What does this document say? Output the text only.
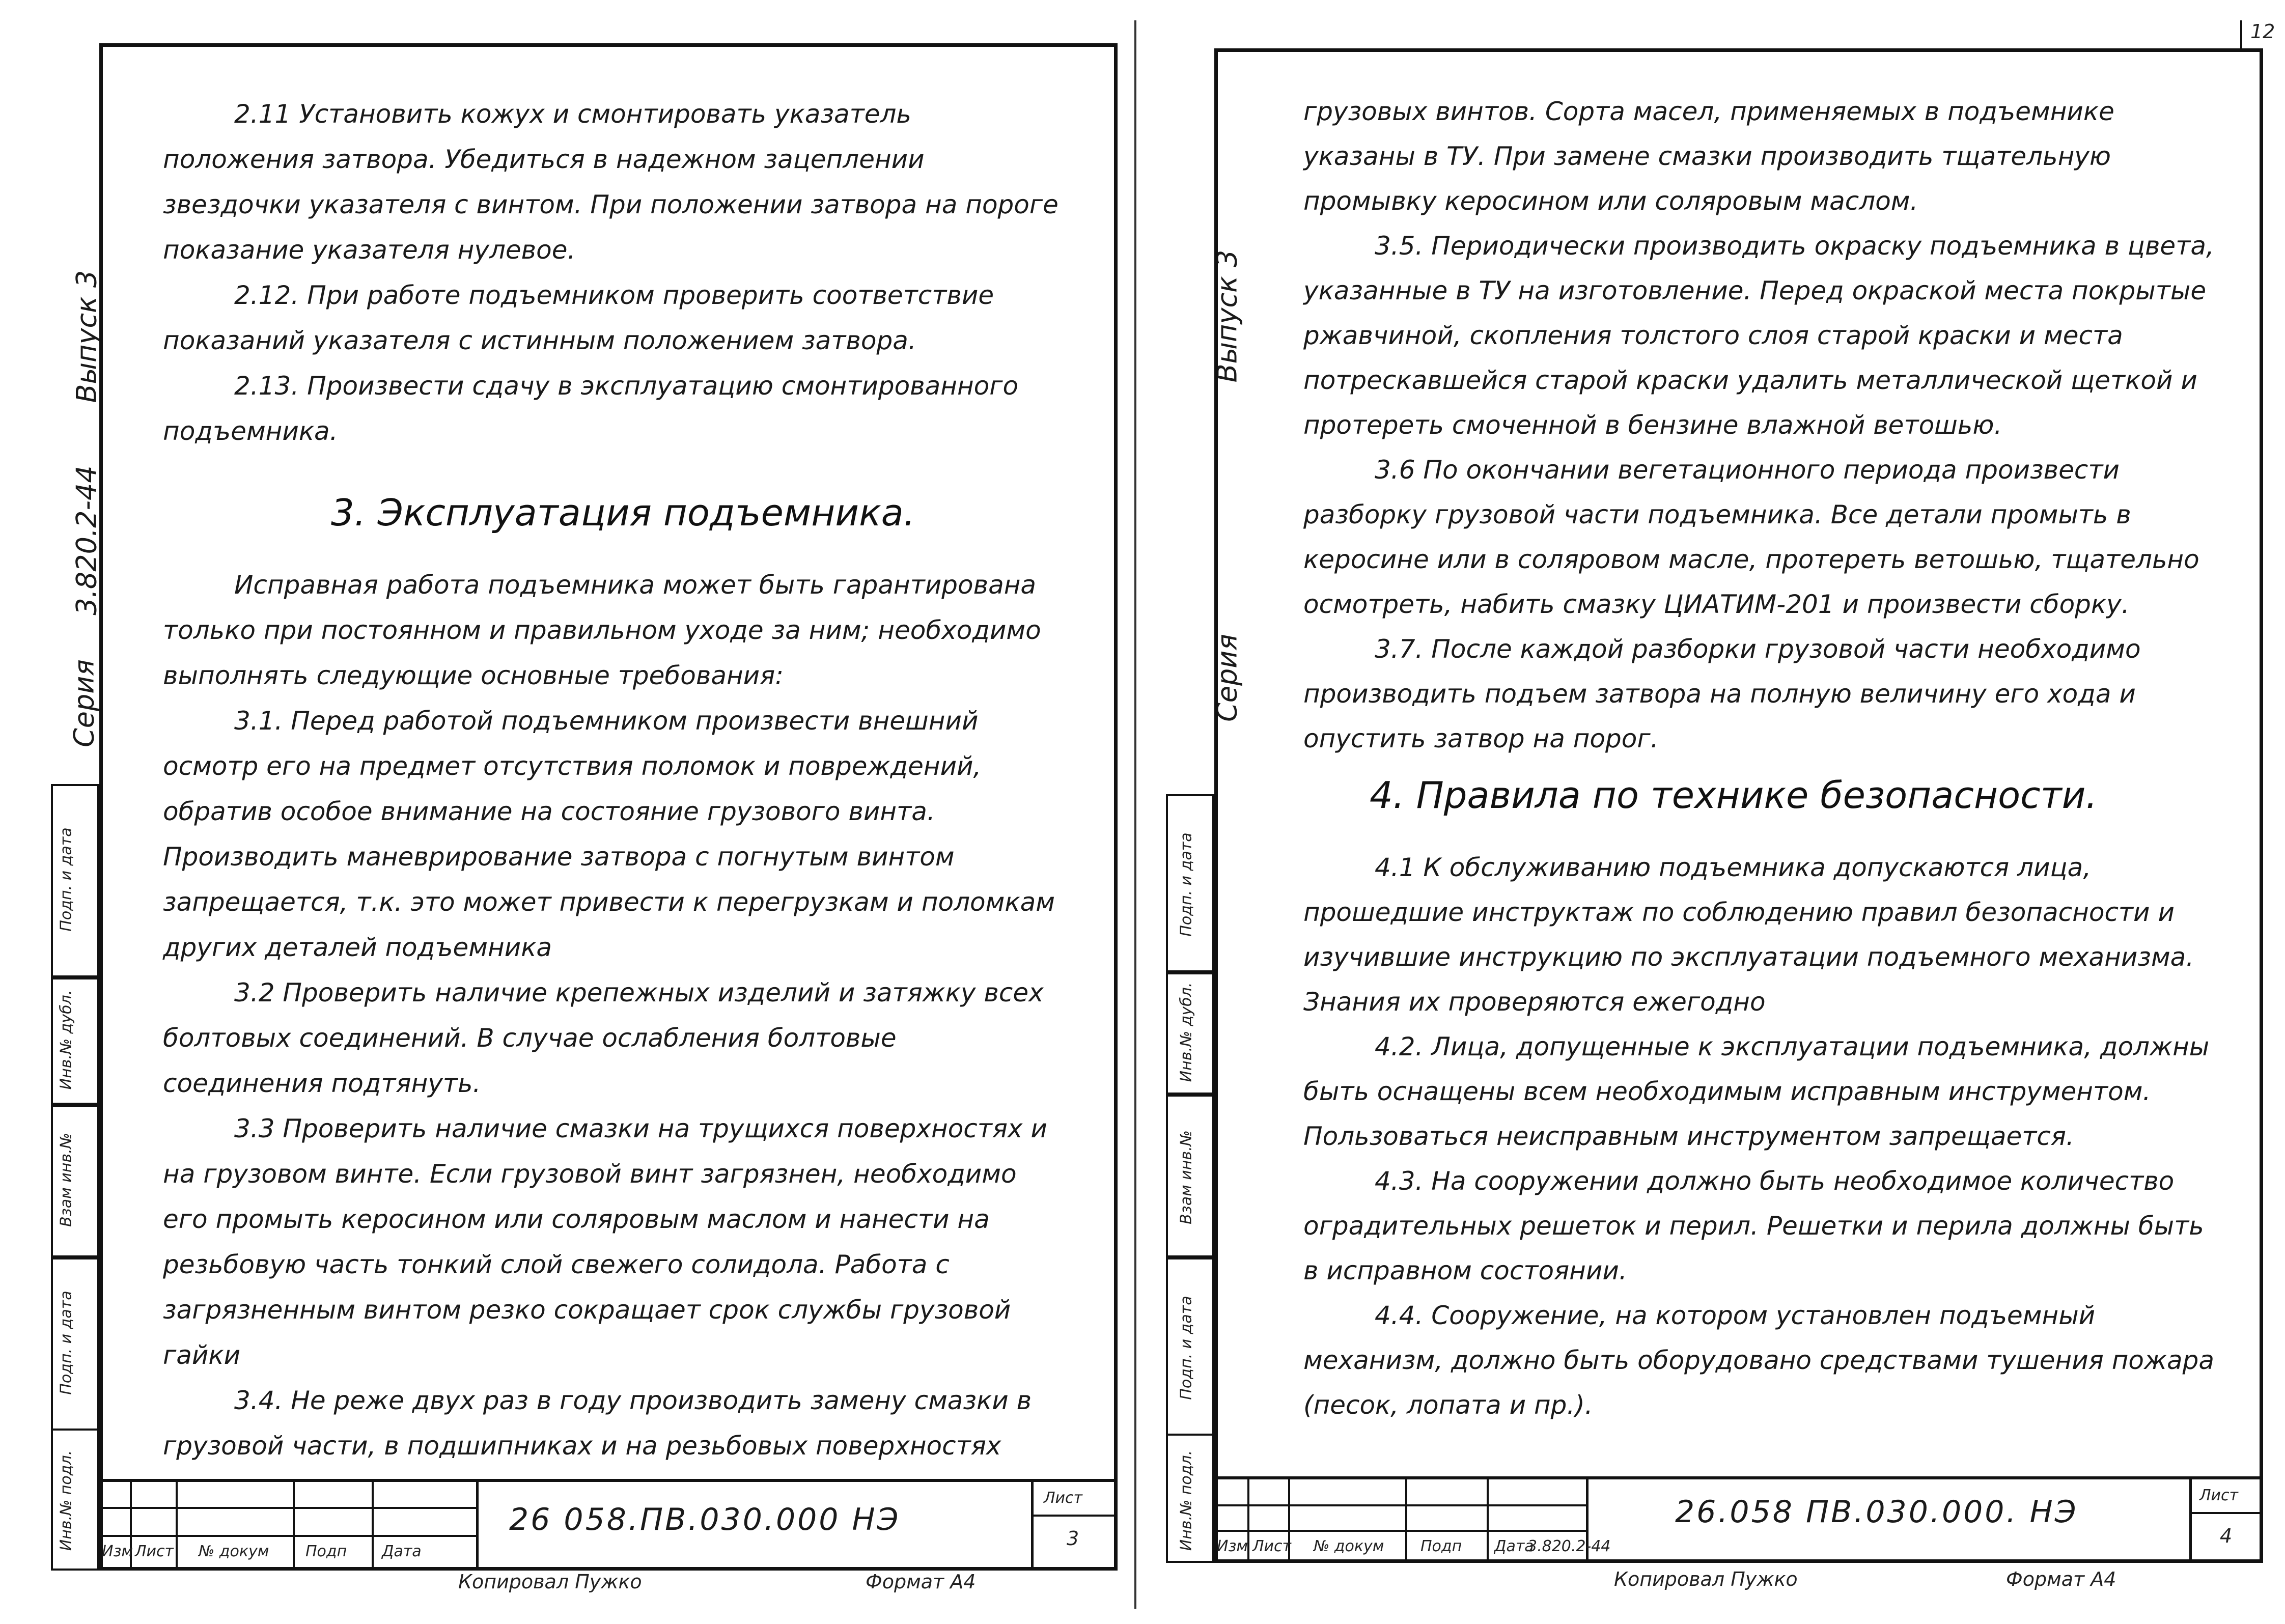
Выпуск 3
3.820.2-44
Серия
Подп. и дата
Инв.№ дубл.
Взам инв.№
Подп. и дата
Инв.№ подл.

2.11 Установить кожух и смонтировать указатель положения затвора. Убедиться в надежном зацеплении звездочки указателя с винтом. При положении затвора на пороге показание указателя нулевое.

2.12. При работе подъемником проверить соответствие показаний указателя с истинным положением затвора.

2.13. Произвести сдачу в эксплуатацию смонтированного подъемника.

3. Эксплуатация подъемника.

Исправная работа подъемника может быть гарантирована только при постоянном и правильном уходе за ним; необходимо выполнять следующие основные требования:

3.1. Перед работой подъемником произвести внешний осмотр его на предмет отсутствия поломок и повреждений, обратив особое внимание на состояние грузового винта. Производить маневрирование затвора с погнутым винтом запрещается, т.к. это может привести к перегрузкам и поломкам других деталей подъемника

3.2 Проверить наличие крепежных изделий и затяжку всех болтовых соединений. В случае ослабления болтовые соединения подтянуть.

3.3 Проверить наличие смазки на трущихся поверхностях и на грузовом винте. Если грузовой винт загрязнен, необходимо его промыть керосином или соляровым маслом и нанести на резьбовую часть тонкий слой свежего солидола. Работа с загрязненным винтом резко сокращает срок службы грузовой гайки

3.4. Не реже двух раз в году производить замену смазки в грузовой части, в подшипниках и на резьбовых поверхностях

Изм Лист № докум Подп Дата
26 058.ПВ.030.000 НЭ
Лист
3
Копировал Пужко	Формат А4
12
Выпуск 3
Серия
Подп. и дата
Инв.№ дубл.
Взам инв.№
Подп. и дата
Инв.№ подл.

грузовых винтов. Сорта масел, применяемых в подъемнике указаны в ТУ. При замене смазки производить тщательную промывку керосином или соляровым маслом.

3.5. Периодически производить окраску подъемника в цвета, указанные в ТУ на изготовление. Перед окраской места покрытые ржавчиной, скопления толстого слоя старой краски и места потрескавшейся старой краски удалить металлической щеткой и протереть смоченной в бензине влажной ветошью.

3.6 По окончании вегетационного периода произвести разборку грузовой части подъемника. Все детали промыть в керосине или в соляровом масле, протереть ветошью, тщательно осмотреть, набить смазку ЦИАТИМ-201 и произвести сборку.

3.7. После каждой разборки грузовой части необходимо производить подъем затвора на полную величину его хода и опустить затвор на порог.

4. Правила по технике безопасности.

4.1 К обслуживанию подъемника допускаются лица, прошедшие инструктаж по соблюдению правил безопасности и изучившие инструкцию по эксплуатации подъемного механизма. Знания их проверяются ежегодно

4.2. Лица, допущенные к эксплуатации подъемника, должны быть оснащены всем необходимым исправным инструментом. Пользоваться неисправным инструментом запрещается.

4.3. На сооружении должно быть необходимое количество оградительных решеток и перил. Решетки и перила должны быть в исправном состоянии.

4.4. Сооружение, на котором установлен подъемный механизм, должно быть оборудовано средствами тушения пожара (песок, лопата и пр.).

Изм Лист № докум Подп Дата
26.058 ПВ.030.000. НЭ
3.820.2-44
Лист
4
Копировал Пужко	Формат А4
